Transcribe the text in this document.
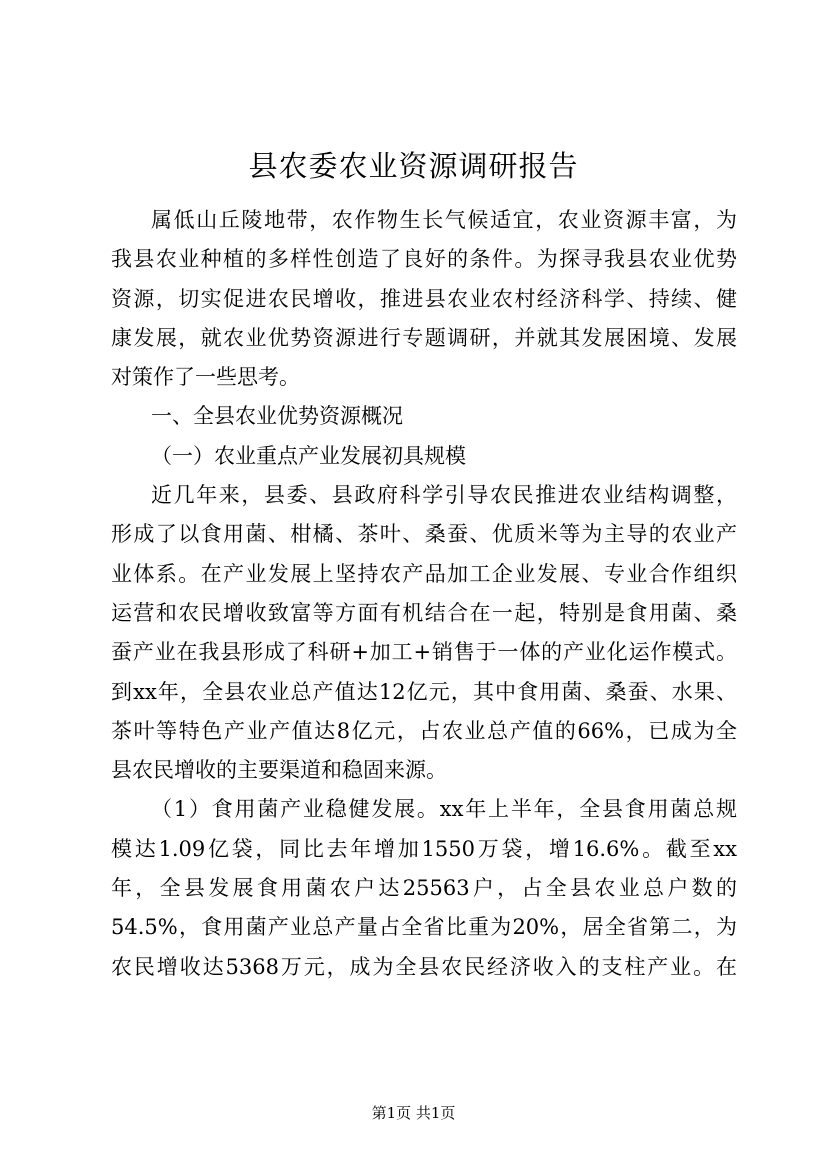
县农委农业资源调研报告
属低山丘陵地带，农作物生长气候适宜，农业资源丰富，为
我县农业种植的多样性创造了良好的条件。为探寻我县农业优势
资源，切实促进农民增收，推进县农业农村经济科学、持续、健
康发展，就农业优势资源进行专题调研，并就其发展困境、发展
对策作了一些思考。
一、全县农业优势资源概况
（一）农业重点产业发展初具规模
近几年来，县委、县政府科学引导农民推进农业结构调整，
形成了以食用菌、柑橘、茶叶、桑蚕、优质米等为主导的农业产
业体系。在产业发展上坚持农产品加工企业发展、专业合作组织
运营和农民增收致富等方面有机结合在一起，特别是食用菌、桑
蚕产业在我县形成了科研+加工+销售于一体的产业化运作模式。
到xx年，全县农业总产值达12亿元，其中食用菌、桑蚕、水果、
茶叶等特色产业产值达8亿元，占农业总产值的66%，已成为全
县农民增收的主要渠道和稳固来源。
（1）食用菌产业稳健发展。xx年上半年，全县食用菌总规
模达1.09亿袋，同比去年增加1550万袋，增16.6%。截至xx
年，全县发展食用菌农户达25563户，占全县农业总户数的
54.5%，食用菌产业总产量占全省比重为20%，居全省第二，为
农民增收达5368万元，成为全县农民经济收入的支柱产业。在
第1页 共1页
